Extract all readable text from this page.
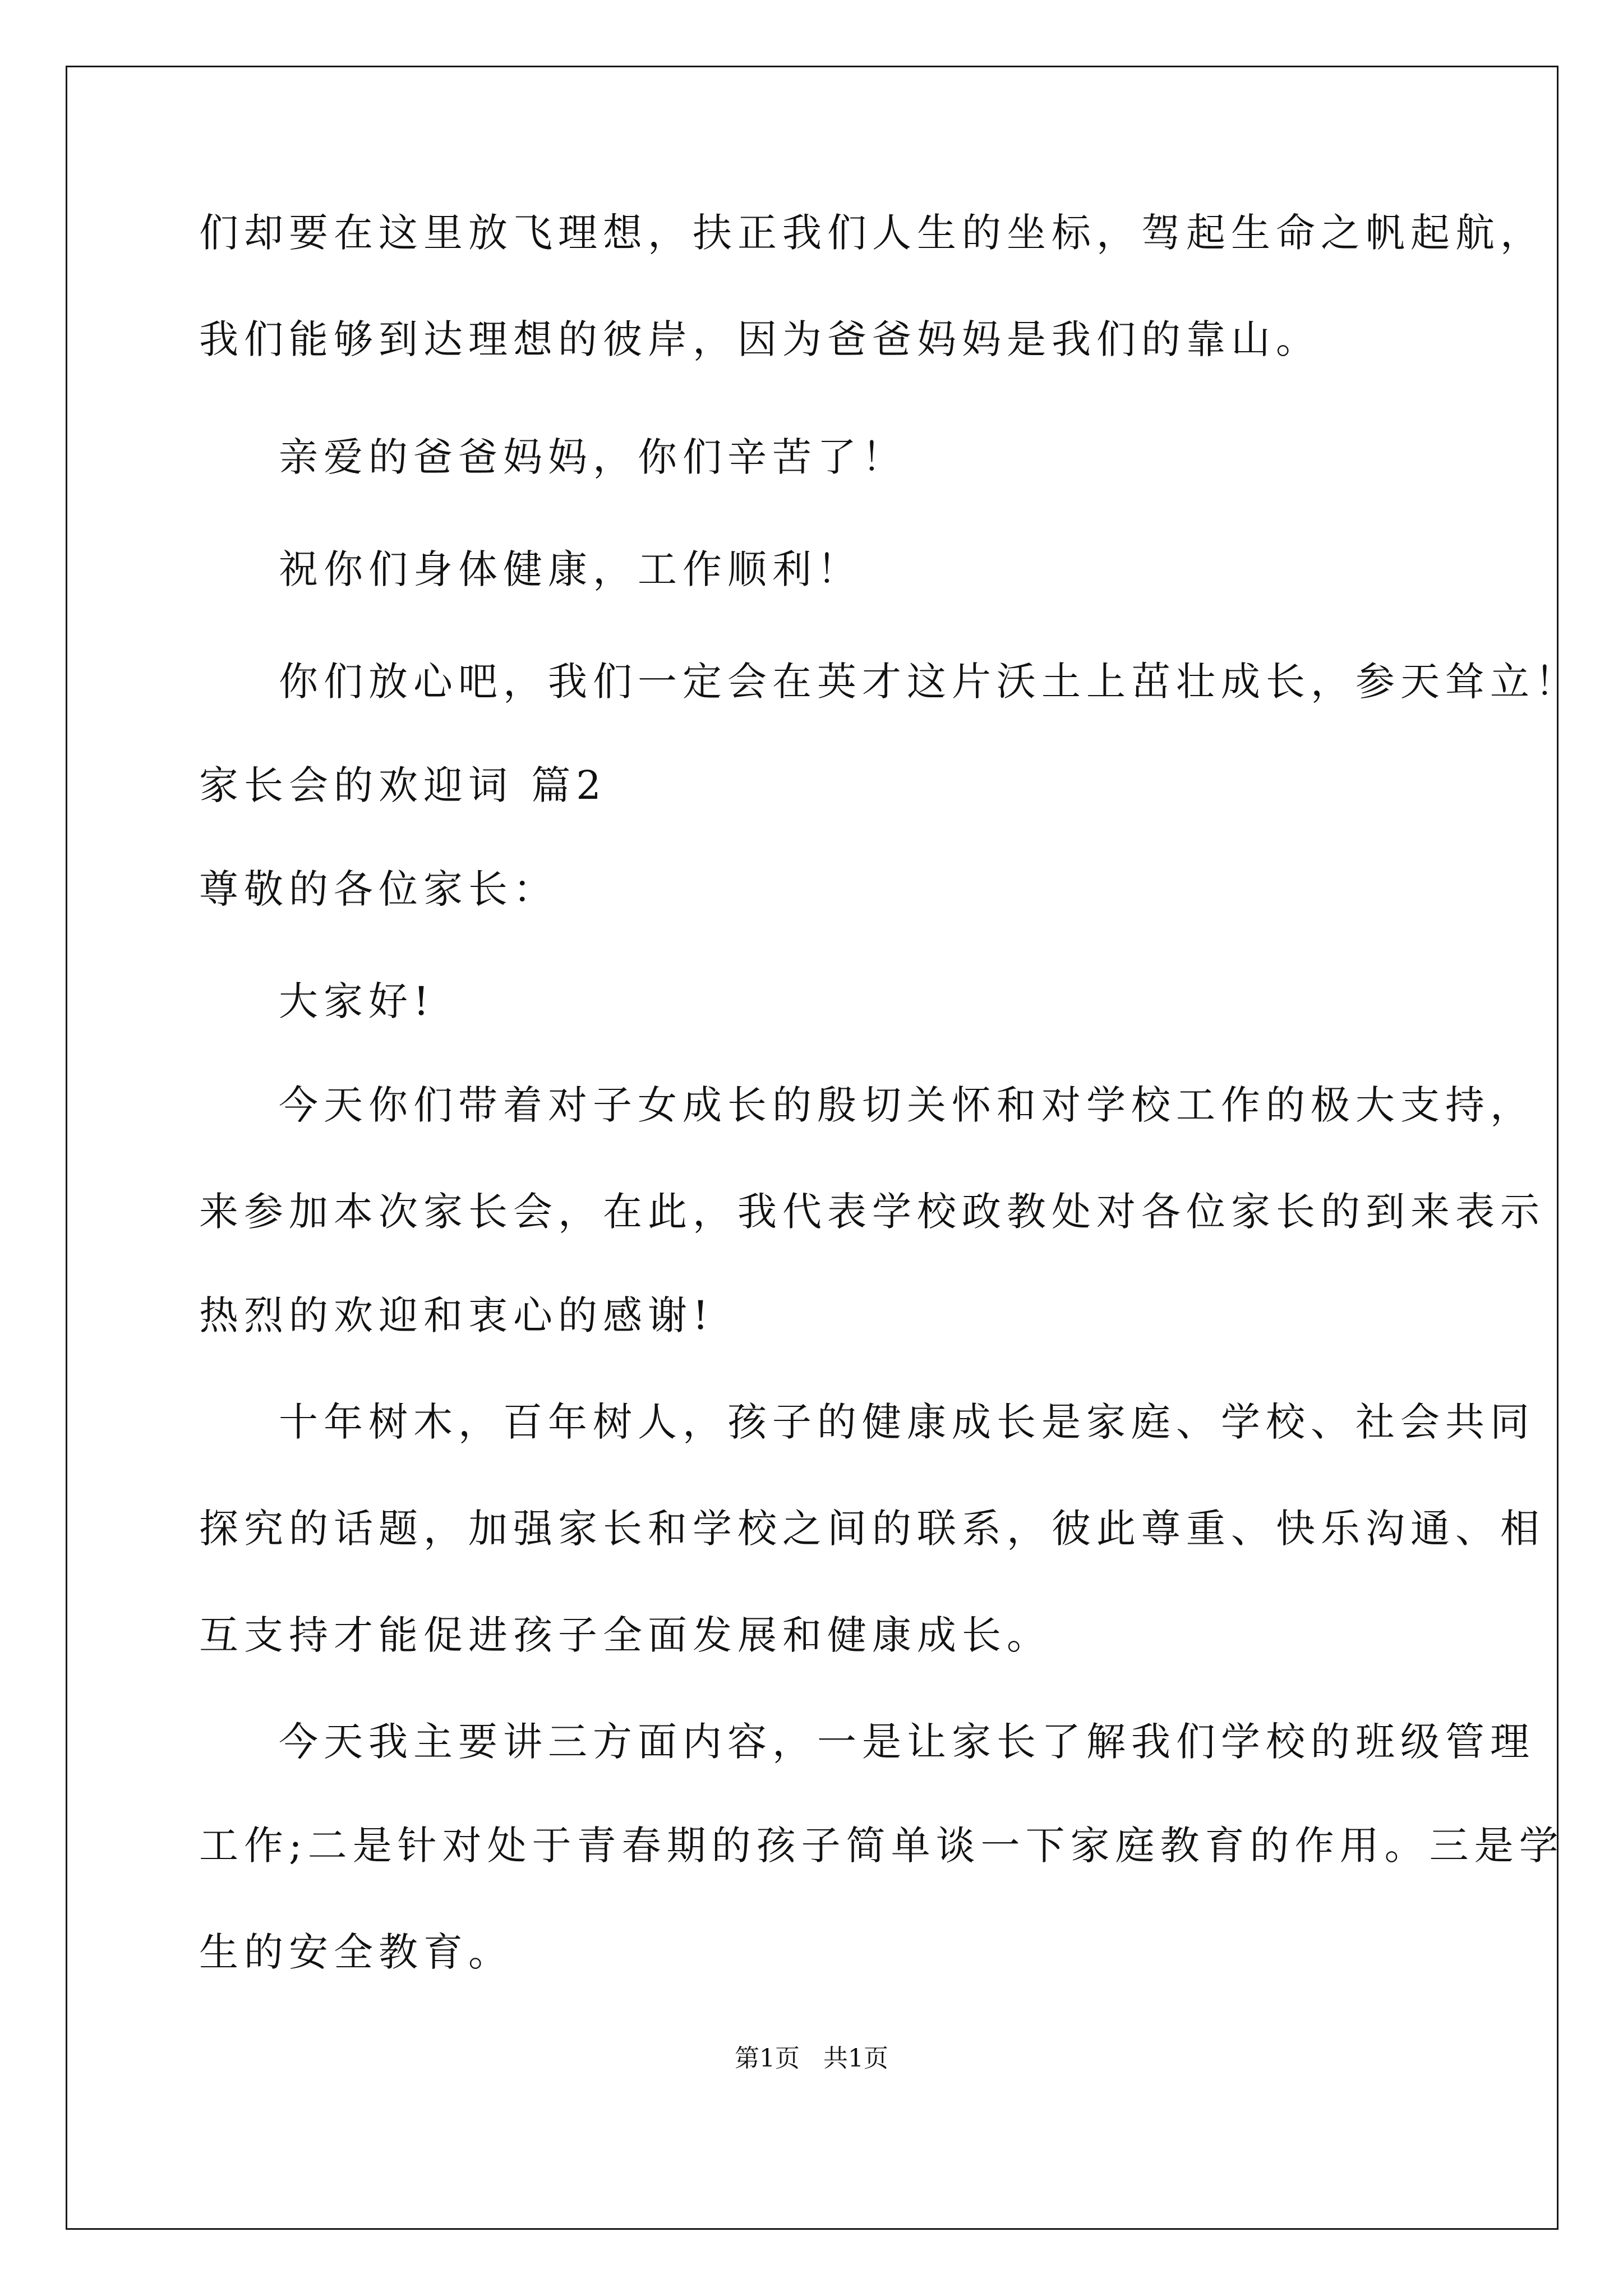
们却要在这里放飞理想，扶正我们人生的坐标，驾起生命之帆起航，
我们能够到达理想的彼岸，因为爸爸妈妈是我们的靠山。
亲爱的爸爸妈妈，你们辛苦了！
祝你们身体健康，工作顺利！
你们放心吧，我们一定会在英才这片沃土上茁壮成长，参天耸立！
家长会的欢迎词 篇2
尊敬的各位家长：
大家好!
今天你们带着对子女成长的殷切关怀和对学校工作的极大支持，
来参加本次家长会，在此，我代表学校政教处对各位家长的到来表示
热烈的欢迎和衷心的感谢!
十年树木，百年树人，孩子的健康成长是家庭、学校、社会共同
探究的话题，加强家长和学校之间的联系，彼此尊重、快乐沟通、相
互支持才能促进孩子全面发展和健康成长。
今天我主要讲三方面内容，一是让家长了解我们学校的班级管理
工作;二是针对处于青春期的孩子简单谈一下家庭教育的作用。三是学
生的安全教育。
第1页   共1页
